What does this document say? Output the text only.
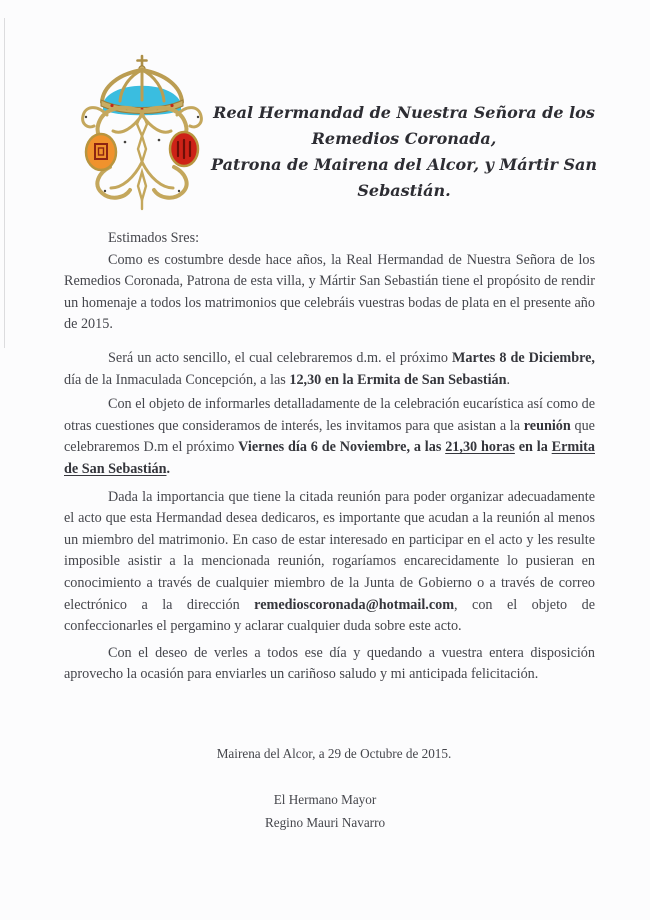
Real Hermandad de Nuestra Señora de los Remedios Coronada,
Patrona de Mairena del Alcor, y Mártir San Sebastián.

Estimados Sres:

Como es costumbre desde hace años, la Real Hermandad de Nuestra Señora de los Remedios Coronada, Patrona de esta villa, y Mártir San Sebastián tiene el propósito de rendir un homenaje a todos los matrimonios que celebráis vuestras bodas de plata en el presente año de 2015.

Será un acto sencillo, el cual celebraremos d.m. el próximo Martes 8 de Diciembre, día de la Inmaculada Concepción, a las 12,30 en la Ermita de San Sebastián.

Con el objeto de informarles detalladamente de la celebración eucarística así como de otras cuestiones que consideramos de interés, les invitamos para que asistan a la reunión que celebraremos D.m el próximo Viernes día 6 de Noviembre, a las 21,30 horas en la Ermita de San Sebastián.

Dada la importancia que tiene la citada reunión para poder organizar adecuadamente el acto que esta Hermandad desea dedicaros, es importante que acudan a la reunión al menos un miembro del matrimonio. En caso de estar interesado en participar en el acto y les resulte imposible asistir a la mencionada reunión, rogaríamos encarecidamente lo pusieran en conocimiento a través de cualquier miembro de la Junta de Gobierno o a través de correo electrónico a la dirección remedioscoronada@hotmail.com, con el objeto de confeccionarles el pergamino y aclarar cualquier duda sobre este acto.

Con el deseo de verles a todos ese día y quedando a vuestra entera disposición aprovecho la ocasión para enviarles un cariñoso saludo y mi anticipada felicitación.

Mairena del Alcor, a 29 de Octubre de 2015.
El Hermano Mayor
Regino Mauri Navarro
